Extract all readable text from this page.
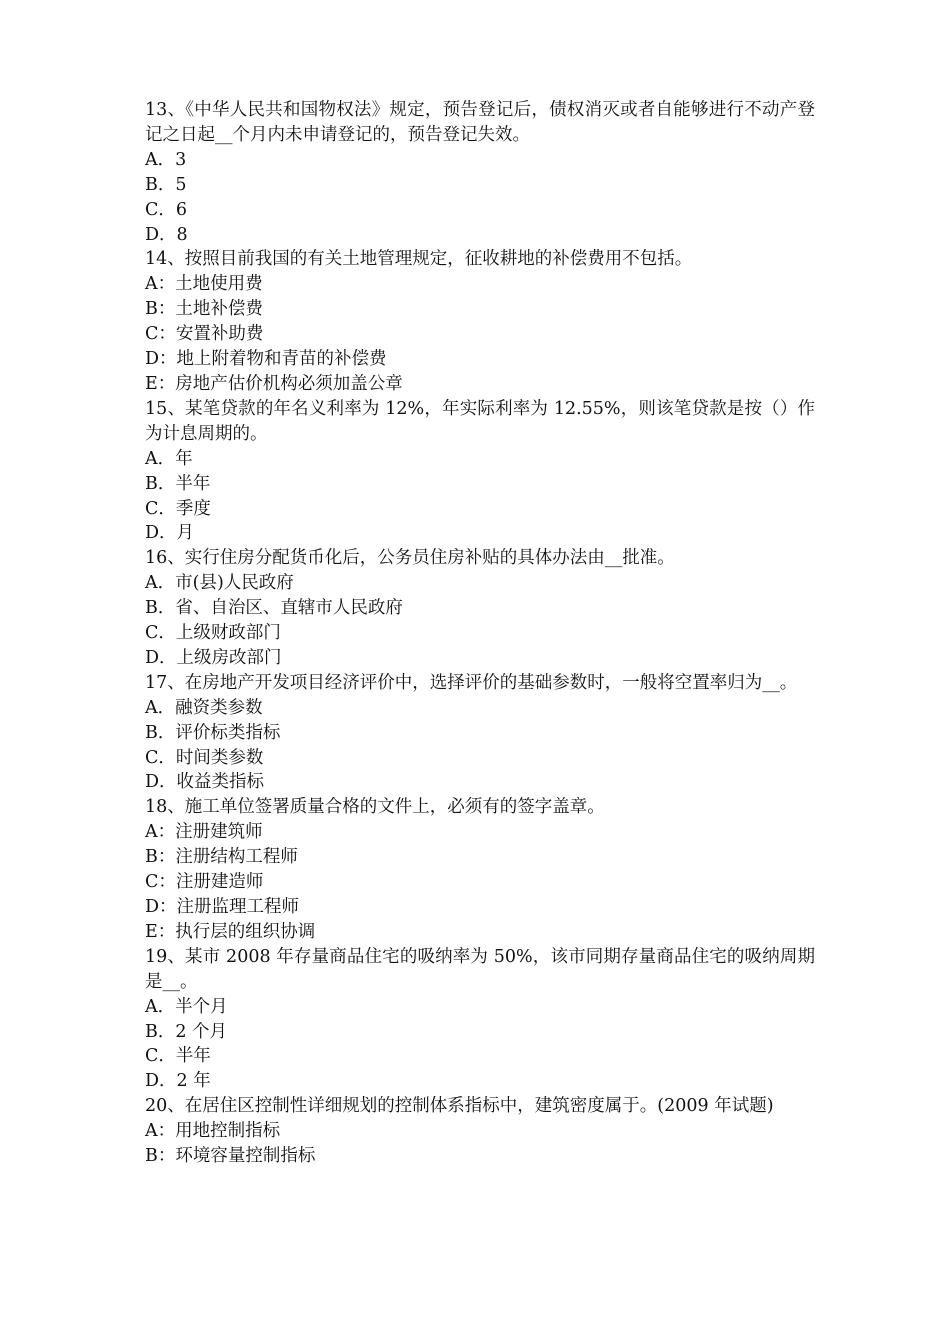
13、《中华人民共和国物权法》规定，预告登记后，债权消灭或者自能够进行不动产登记之日起__个月内未申请登记的，预告登记失效。
A．3
B．5
C．6
D．8
14、按照目前我国的有关土地管理规定，征收耕地的补偿费用不包括。
A：土地使用费
B：土地补偿费
C：安置补助费
D：地上附着物和青苗的补偿费
E：房地产估价机构必须加盖公章
15、某笔贷款的年名义利率为 12%，年实际利率为 12.55%，则该笔贷款是按（）作为计息周期的。
A．年
B．半年
C．季度
D．月
16、实行住房分配货币化后，公务员住房补贴的具体办法由__批准。
A．市(县)人民政府
B．省、自治区、直辖市人民政府
C．上级财政部门
D．上级房改部门
17、在房地产开发项目经济评价中，选择评价的基础参数时，一般将空置率归为__。
A．融资类参数
B．评价标类指标
C．时间类参数
D．收益类指标
18、施工单位签署质量合格的文件上，必须有的签字盖章。
A：注册建筑师
B：注册结构工程师
C：注册建造师
D：注册监理工程师
E：执行层的组织协调
19、某市 2008 年存量商品住宅的吸纳率为 50%，该市同期存量商品住宅的吸纳周期是__。
A．半个月
B．2 个月
C．半年
D．2 年
20、在居住区控制性详细规划的控制体系指标中，建筑密度属于。(2009 年试题)
A：用地控制指标
B：环境容量控制指标
